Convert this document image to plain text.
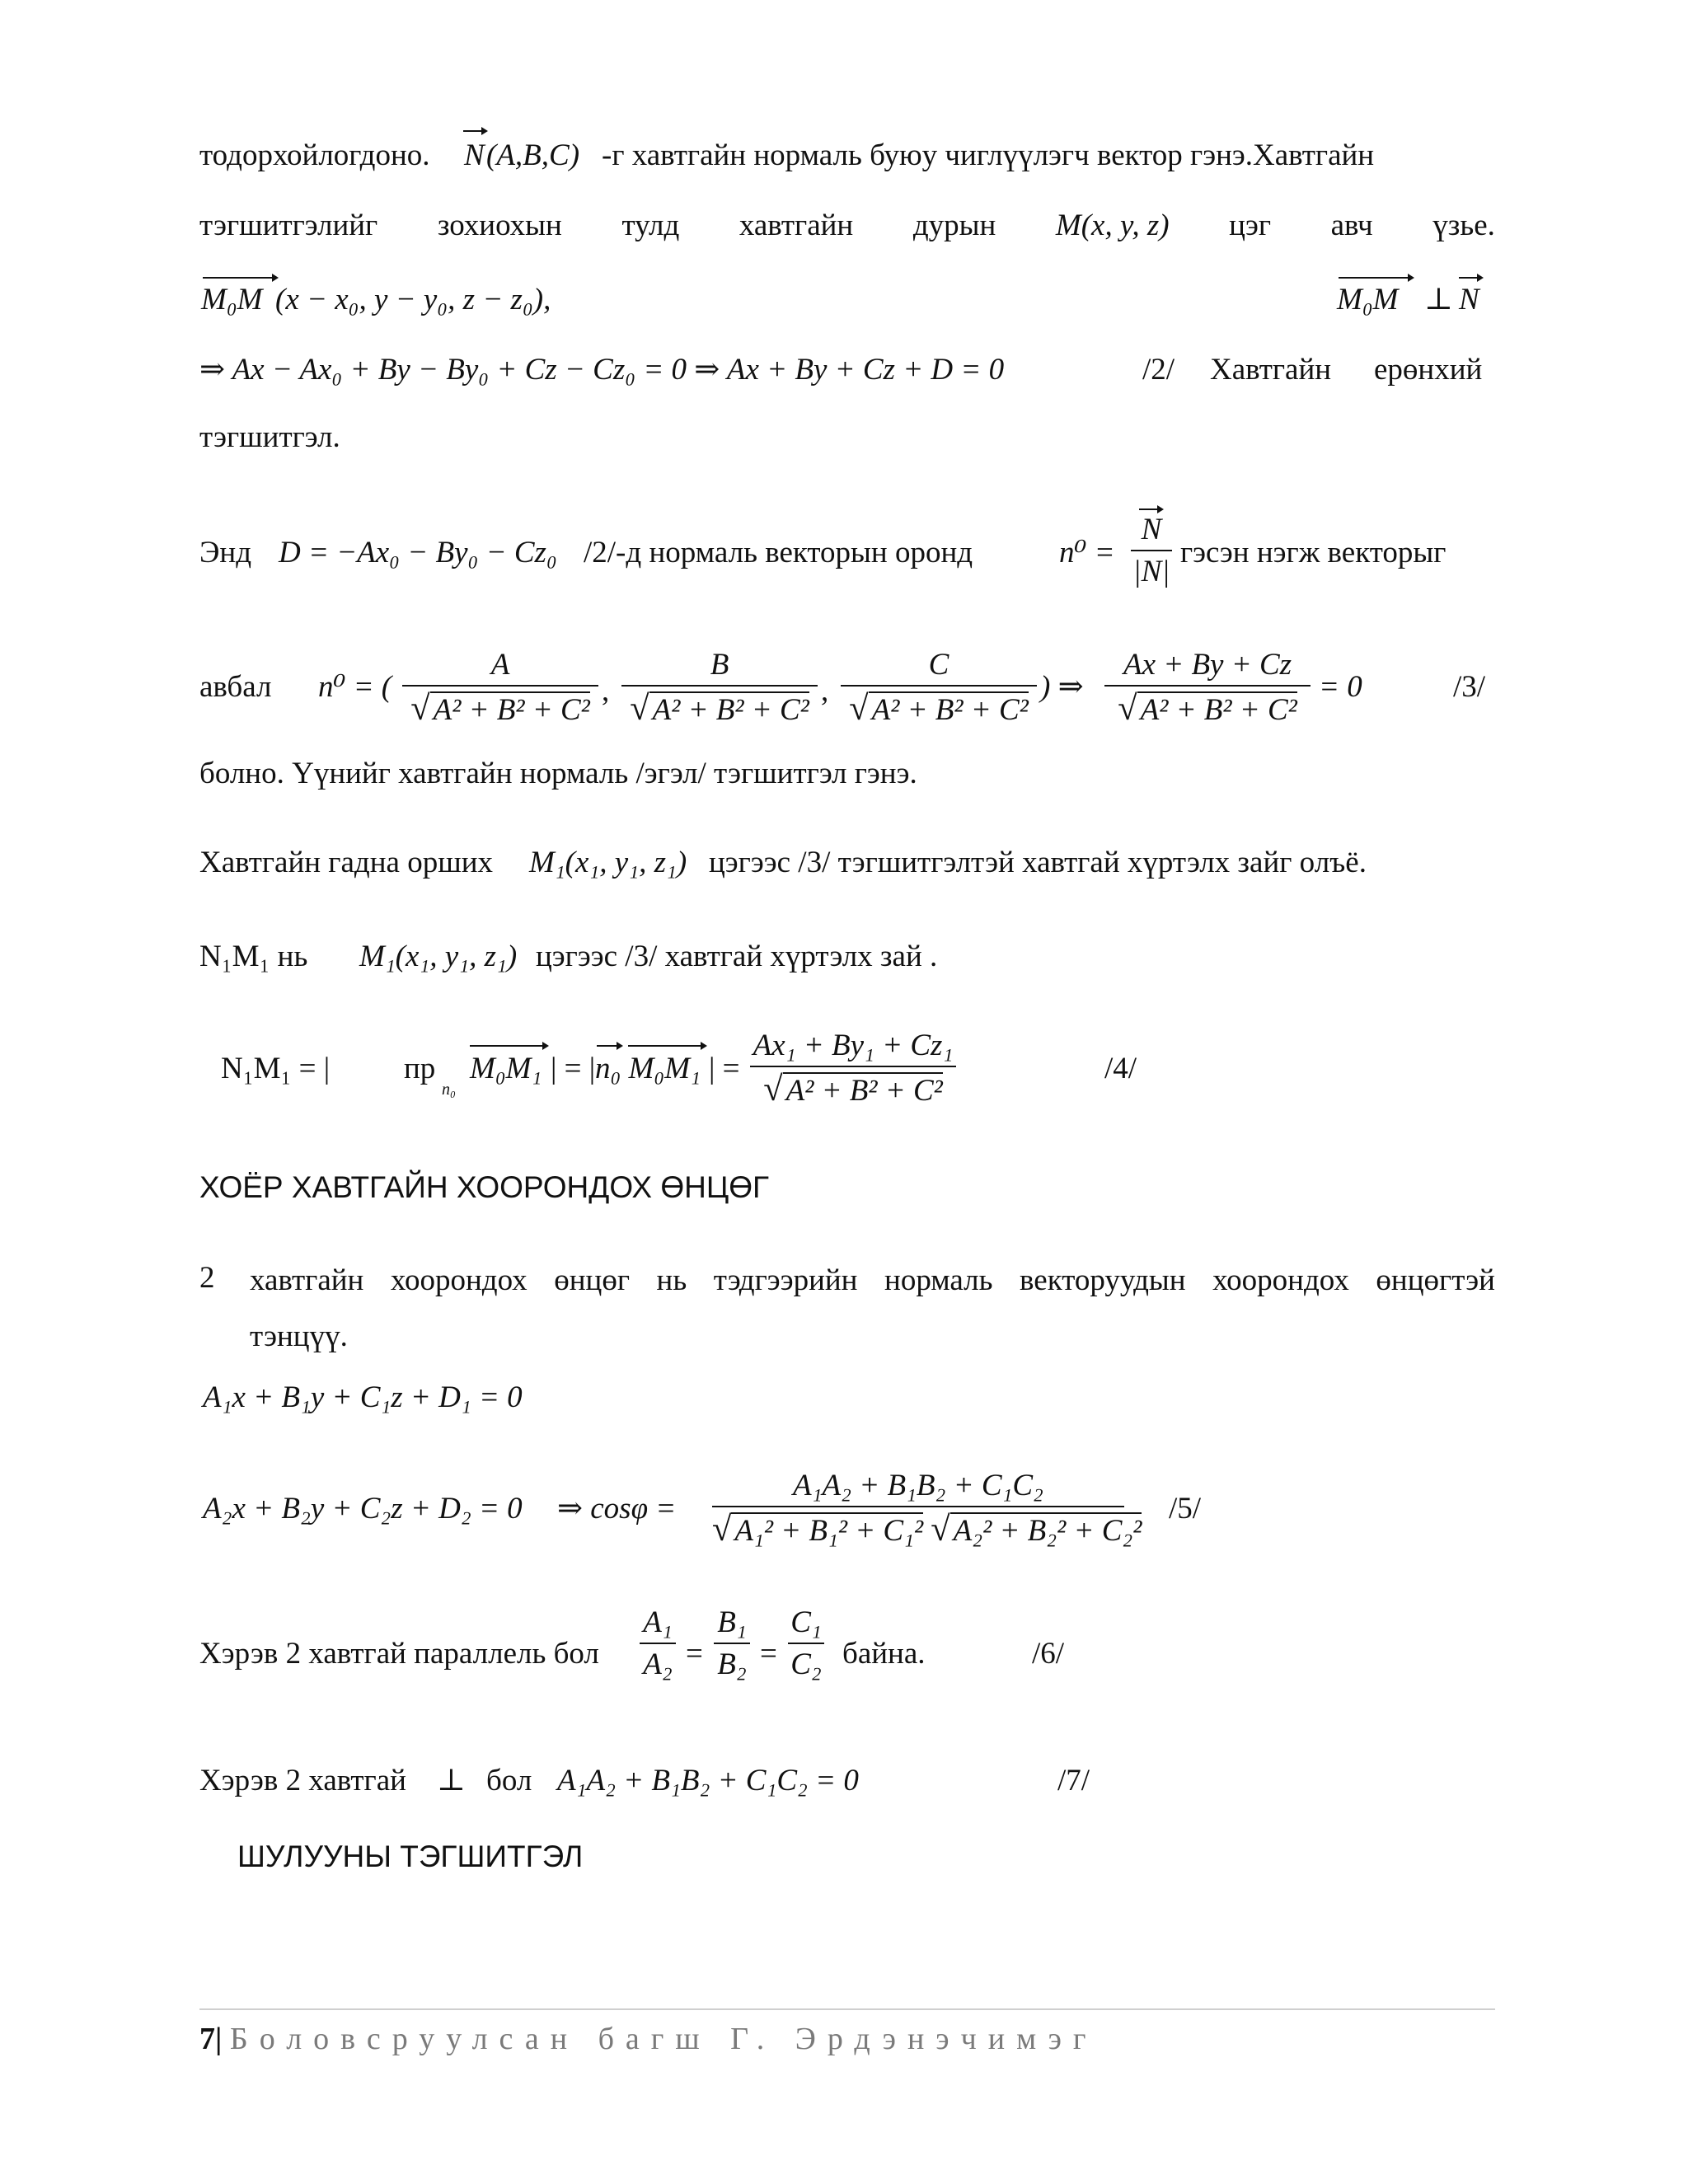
тодорхойлогдоно. N (A,B,C) -г хавтгайн нормаль буюу чиглүүлэгч вектор гэнэ.Хавтгайн
тэгшитгэлийг зохиохын тулд хавтгайн дурын M(x, y, z) цэг авч үзье.
M₀M (x − x₀, y − y₀, z − z₀),	M₀M ⊥ N
⇒ Ax − Ax₀ + By − By₀ + Cz − Cz₀ = 0 ⇒ Ax + By + Cz + D = 0	/2/ Хавтгайн ерөнхий
тэгшитгэл.
Энд D = −Ax₀ − By₀ − Cz₀ /2/-д нормаль векторын оронд	n⁰ =
N
|N|
гэсэн нэгж векторыг
авбал n⁰ = (
A
√ A² + B² + C²
,
B
√ A² + B² + C²
,
C
√ A² + B² + C²
) ⇒
Ax + By + Cz
√ A² + B² + C²
= 0	/3/
болно. Үүнийг хавтгайн нормаль /эгэл/ тэгшитгэл гэнэ.
Хавтгайн гадна орших M₁(x₁, y₁, z₁) цэгээс /3/ тэгшитгэлтэй хавтгай хүртэлх зайг олъё.
N₁M₁ нь M₁(x₁, y₁, z₁) цэгээс /3/ хавтгай хүртэлх зай .
N₁M₁ = | пр
n₀
M₀M₁ | = | n₀ M₀M₁ | =
Ax₁ + By₁ + Cz₁
√ A² + B² + C²
/4/
ХОЁР ХАВТГАЙН ХООРОНДОХ ӨНЦӨГ
2 хавтгайн хоорондох өнцөг нь тэдгээрийн нормаль векторуудын хоорондох өнцөгтэй
тэнцүү.
A₁x + B₁y + C₁z + D₁ = 0
A₂x + B₂y + C₂z + D₂ = 0 ⇒ cosφ =
A₁A₂ + B₁B₂ + C₁C₂
√ A₁² + B₁² + C₁² √ A₂² + B₂² + C₂²
/5/
Хэрэв 2 хавтгай параллель бол
A₁
A₂ =
B₁
B₂ =
C₁
C₂ байна.	/6/
Хэрэв 2 хавтгай ⊥ бол A₁A₂ + B₁B₂ + C₁C₂ = 0	/7/
ШУЛУУНЫ ТЭГШИТГЭЛ
7| Боловсруулсан багш Г. Эрдэнэчимэг
